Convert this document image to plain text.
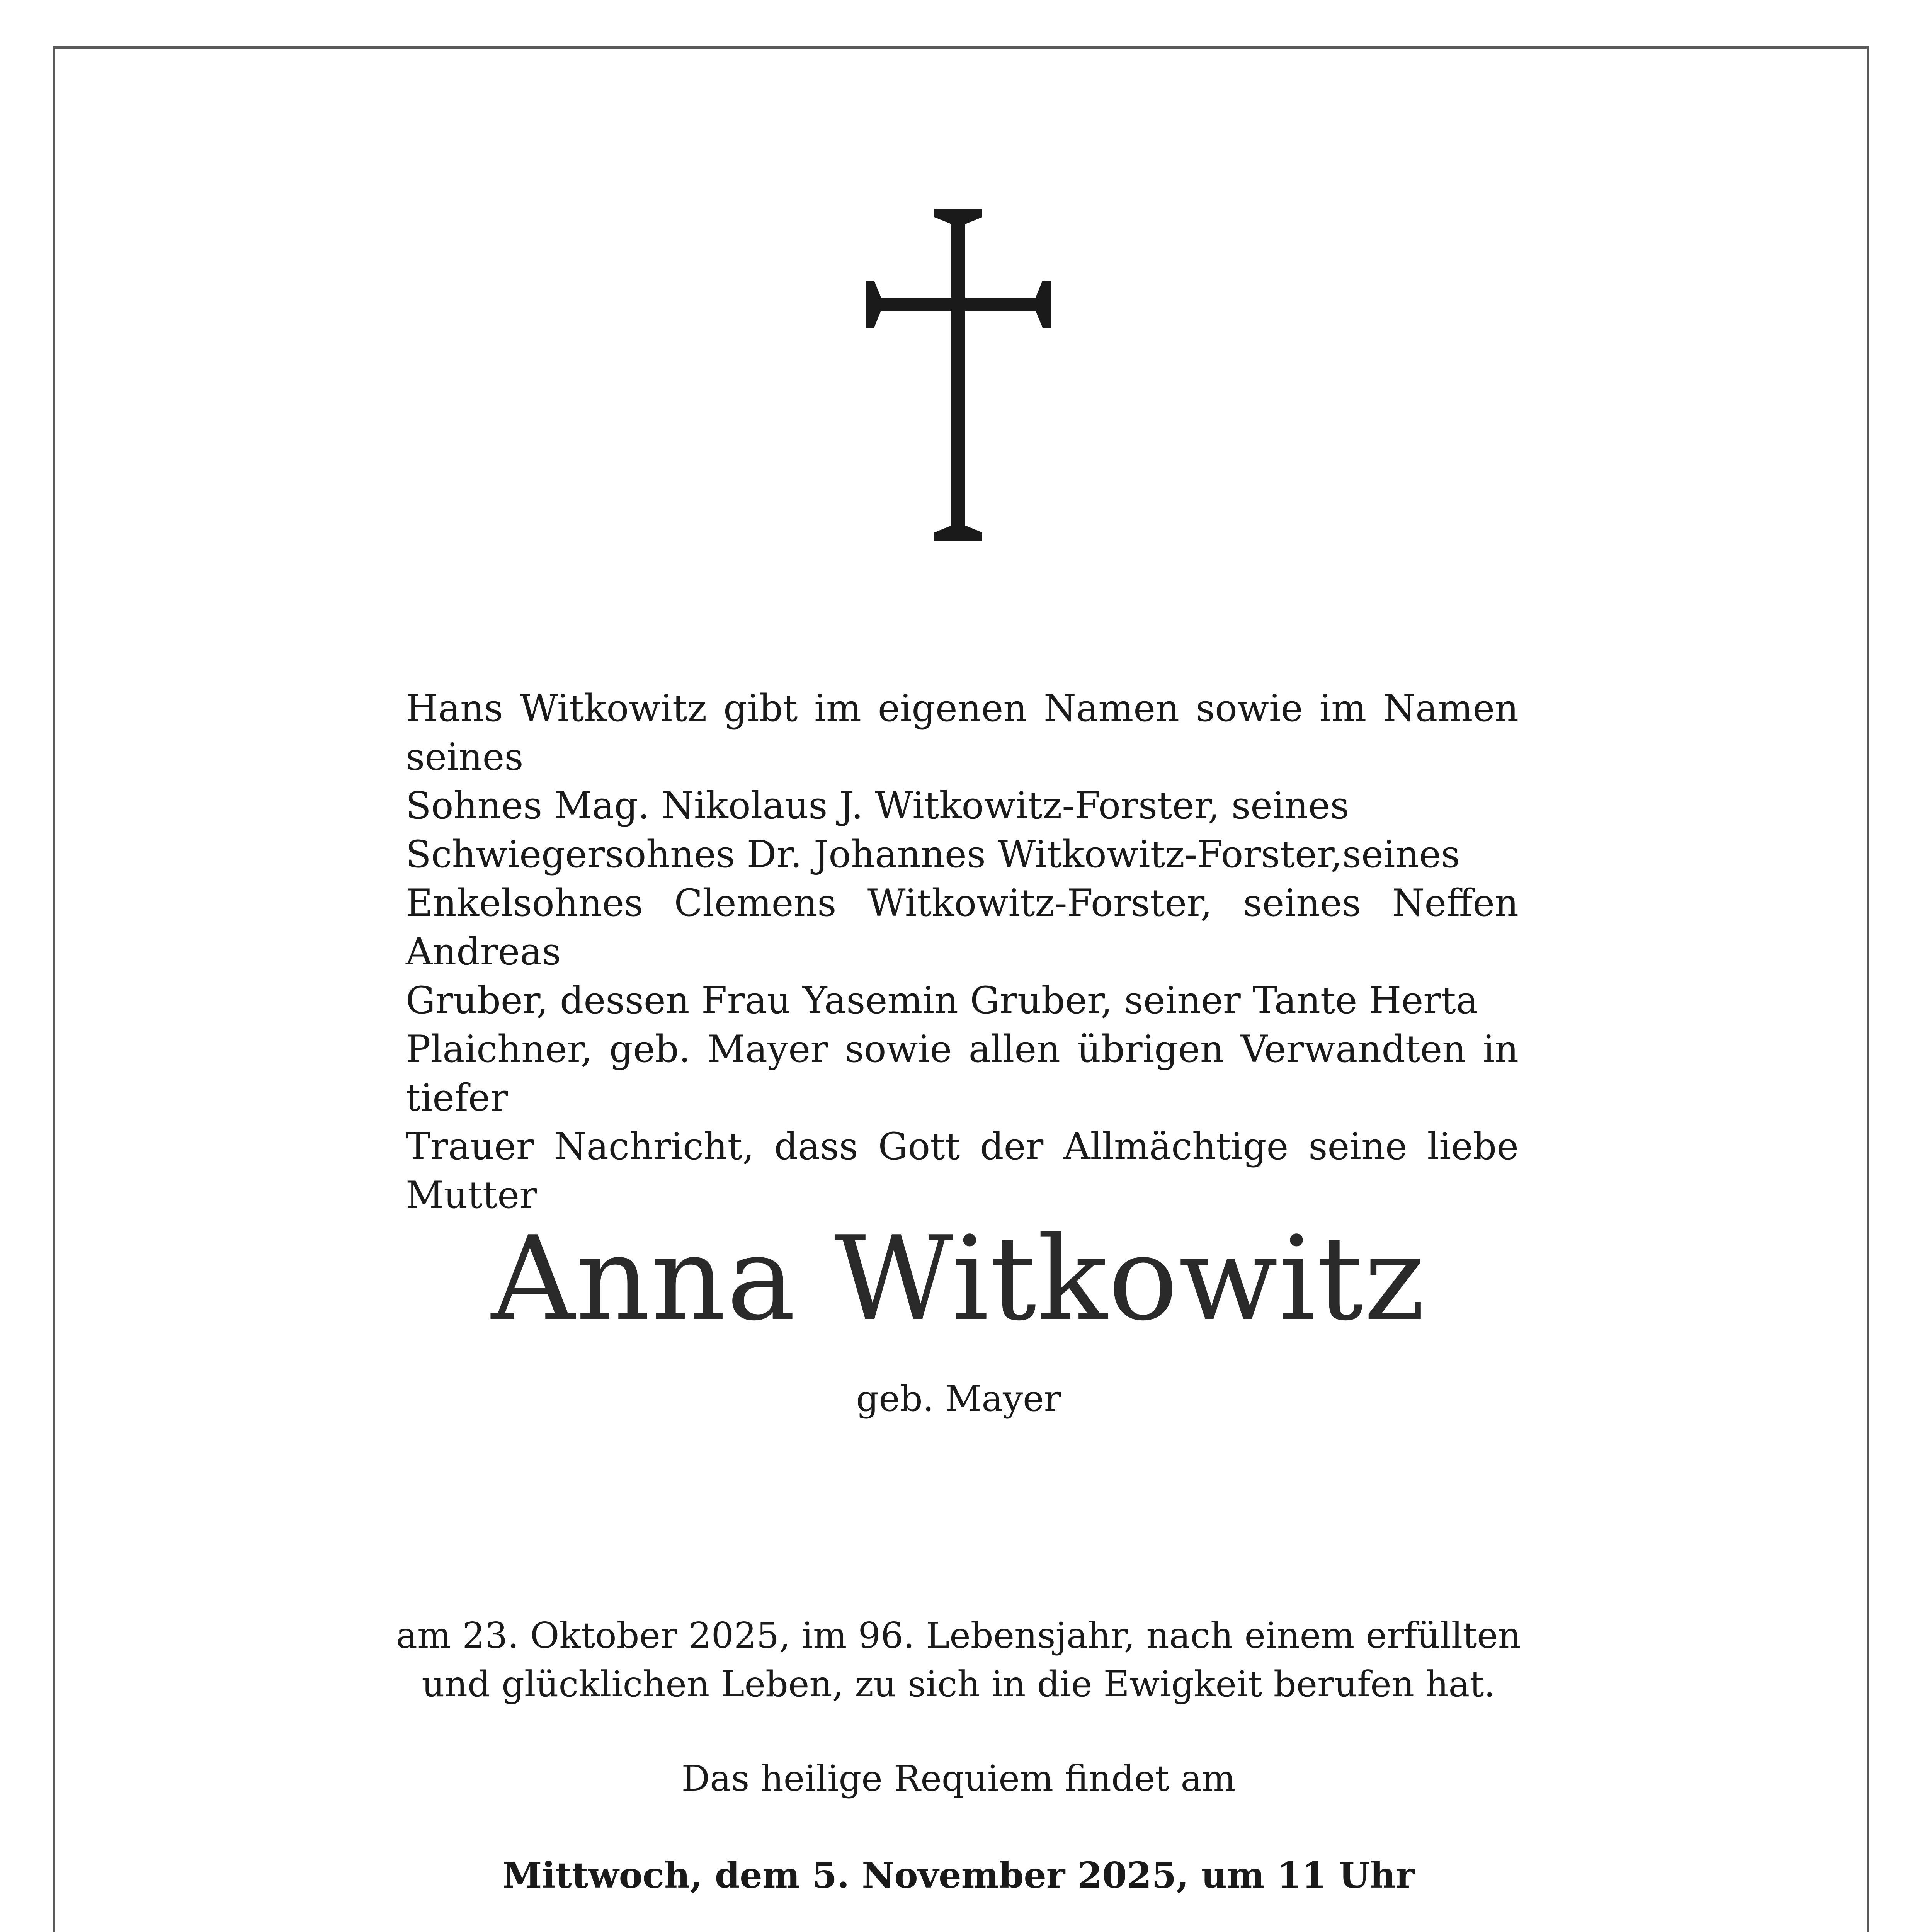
Hans Witkowitz gibt im eigenen Namen sowie im Namen seines
Sohnes Mag. Nikolaus J. Witkowitz-Forster, seines
Schwiegersohnes Dr. Johannes Witkowitz-Forster,seines
Enkelsohnes Clemens Witkowitz-Forster, seines Neffen Andreas
Gruber, dessen Frau Yasemin Gruber, seiner Tante Herta
Plaichner, geb. Mayer sowie allen übrigen Verwandten in tiefer
Trauer Nachricht, dass Gott der Allmächtige seine liebe Mutter
Anna Witkowitz
geb. Mayer
am 23. Oktober 2025, im 96. Lebensjahr, nach einem erfüllten
und glücklichen Leben, zu sich in die Ewigkeit berufen hat.
Das heilige Requiem findet am
Mittwoch, dem 5. November 2025, um 11 Uhr
